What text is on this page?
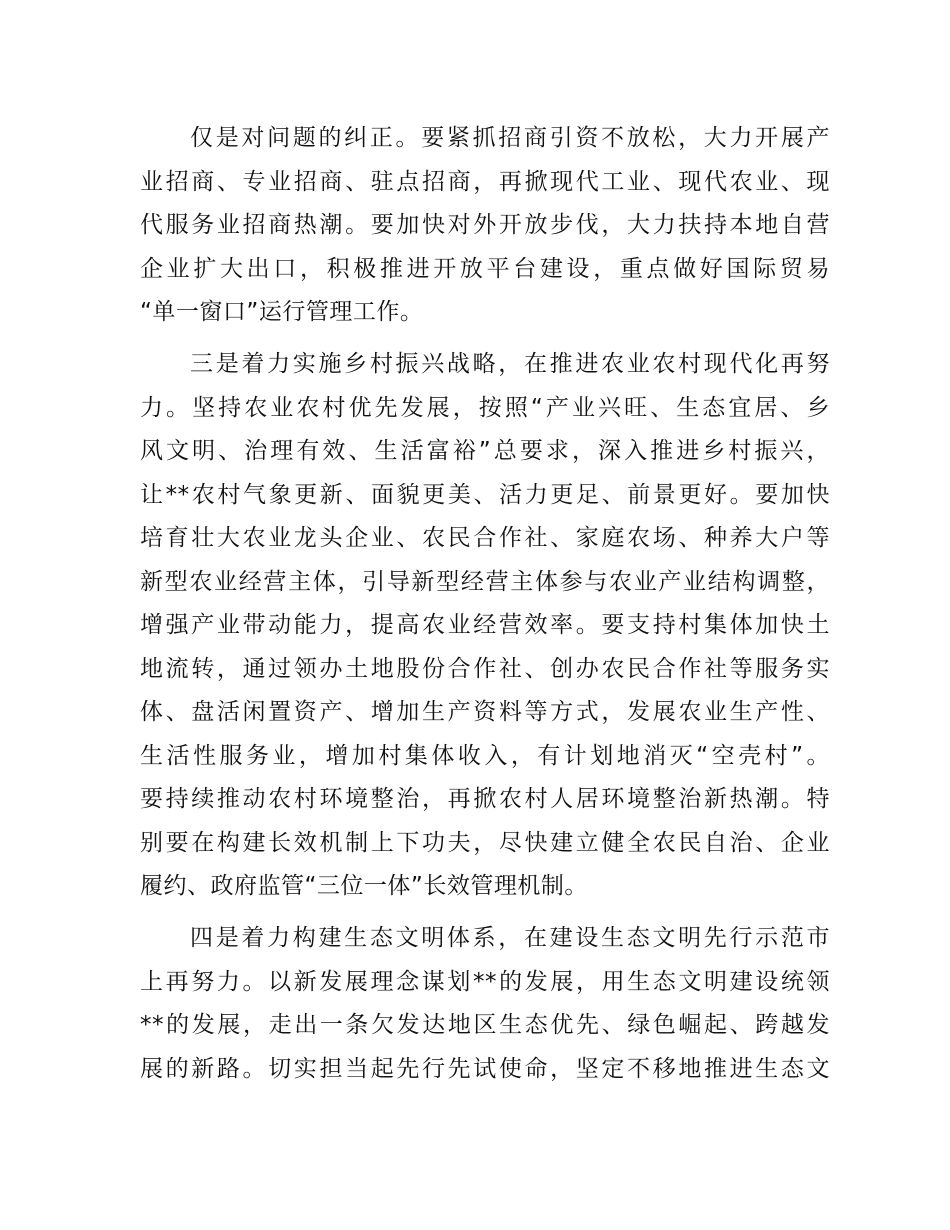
仅是对问题的纠正。要紧抓招商引资不放松，大力开展产
业招商、专业招商、驻点招商，再掀现代工业、现代农业、现
代服务业招商热潮。要加快对外开放步伐，大力扶持本地自营
企业扩大出口，积极推进开放平台建设，重点做好国际贸易
“单一窗口”运行管理工作。
三是着力实施乡村振兴战略，在推进农业农村现代化再努
力。坚持农业农村优先发展，按照“产业兴旺、生态宜居、乡
风文明、治理有效、生活富裕”总要求，深入推进乡村振兴，
让**农村气象更新、面貌更美、活力更足、前景更好。要加快
培育壮大农业龙头企业、农民合作社、家庭农场、种养大户等
新型农业经营主体，引导新型经营主体参与农业产业结构调整，
增强产业带动能力，提高农业经营效率。要支持村集体加快土
地流转，通过领办土地股份合作社、创办农民合作社等服务实
体、盘活闲置资产、增加生产资料等方式，发展农业生产性、
生活性服务业，增加村集体收入，有计划地消灭“空壳村”。
要持续推动农村环境整治，再掀农村人居环境整治新热潮。特
别要在构建长效机制上下功夫，尽快建立健全农民自治、企业
履约、政府监管“三位一体”长效管理机制。
四是着力构建生态文明体系，在建设生态文明先行示范市
上再努力。以新发展理念谋划**的发展，用生态文明建设统领
**的发展，走出一条欠发达地区生态优先、绿色崛起、跨越发
展的新路。切实担当起先行先试使命，坚定不移地推进生态文
